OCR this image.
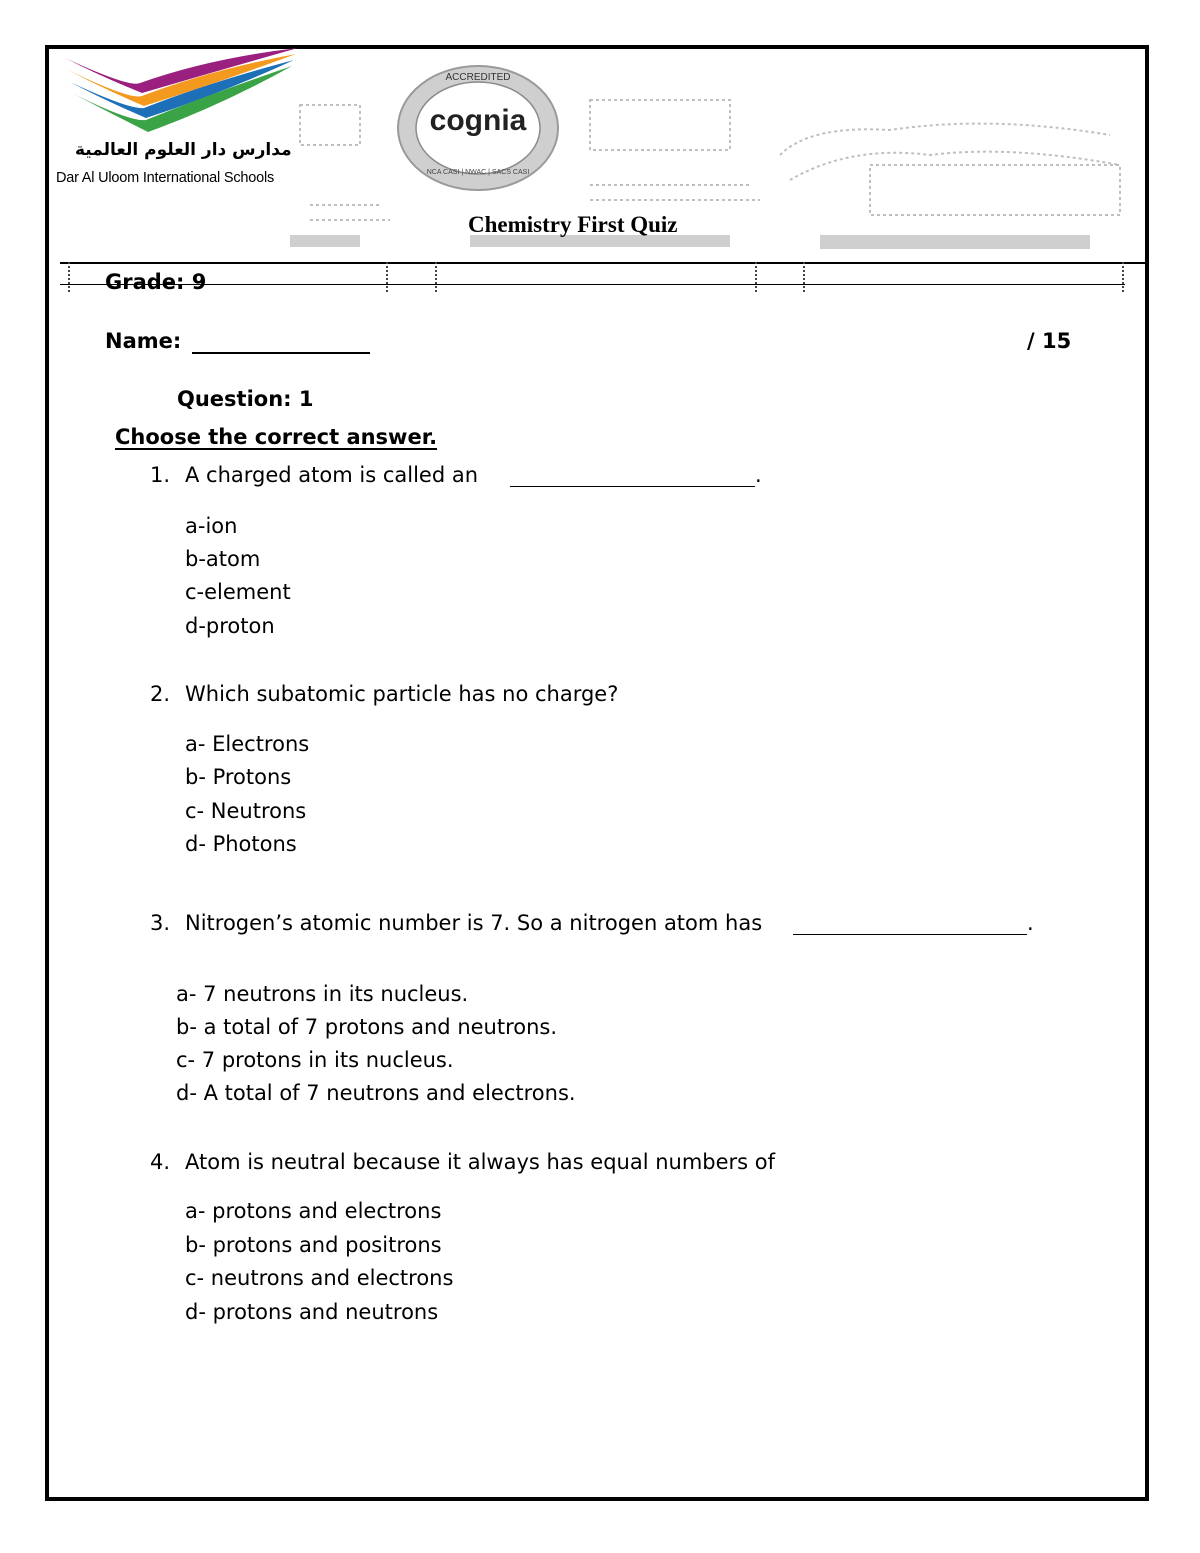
مدارس دار العلوم العالمية
Dar Al Uloom International Schools
ACCREDITED
cognia
NCA CASI | NWAC | SACS CASI
Chemistry First Quiz
Grade: 9
Name:	/ 15
Question: 1
Choose the correct answer.
1. A charged atom is called an	.
a-ion
b-atom
c-element
d-proton
2. Which subatomic particle has no charge?
a- Electrons
b- Protons
c- Neutrons
d- Photons
3. Nitrogen’s atomic number is 7. So a nitrogen atom has	.
a- 7 neutrons in its nucleus.
b- a total of 7 protons and neutrons.
c- 7 protons in its nucleus.
d- A total of 7 neutrons and electrons.
4. Atom is neutral because it always has equal numbers of
a- protons and electrons
b- protons and positrons
c- neutrons and electrons
d- protons and neutrons
